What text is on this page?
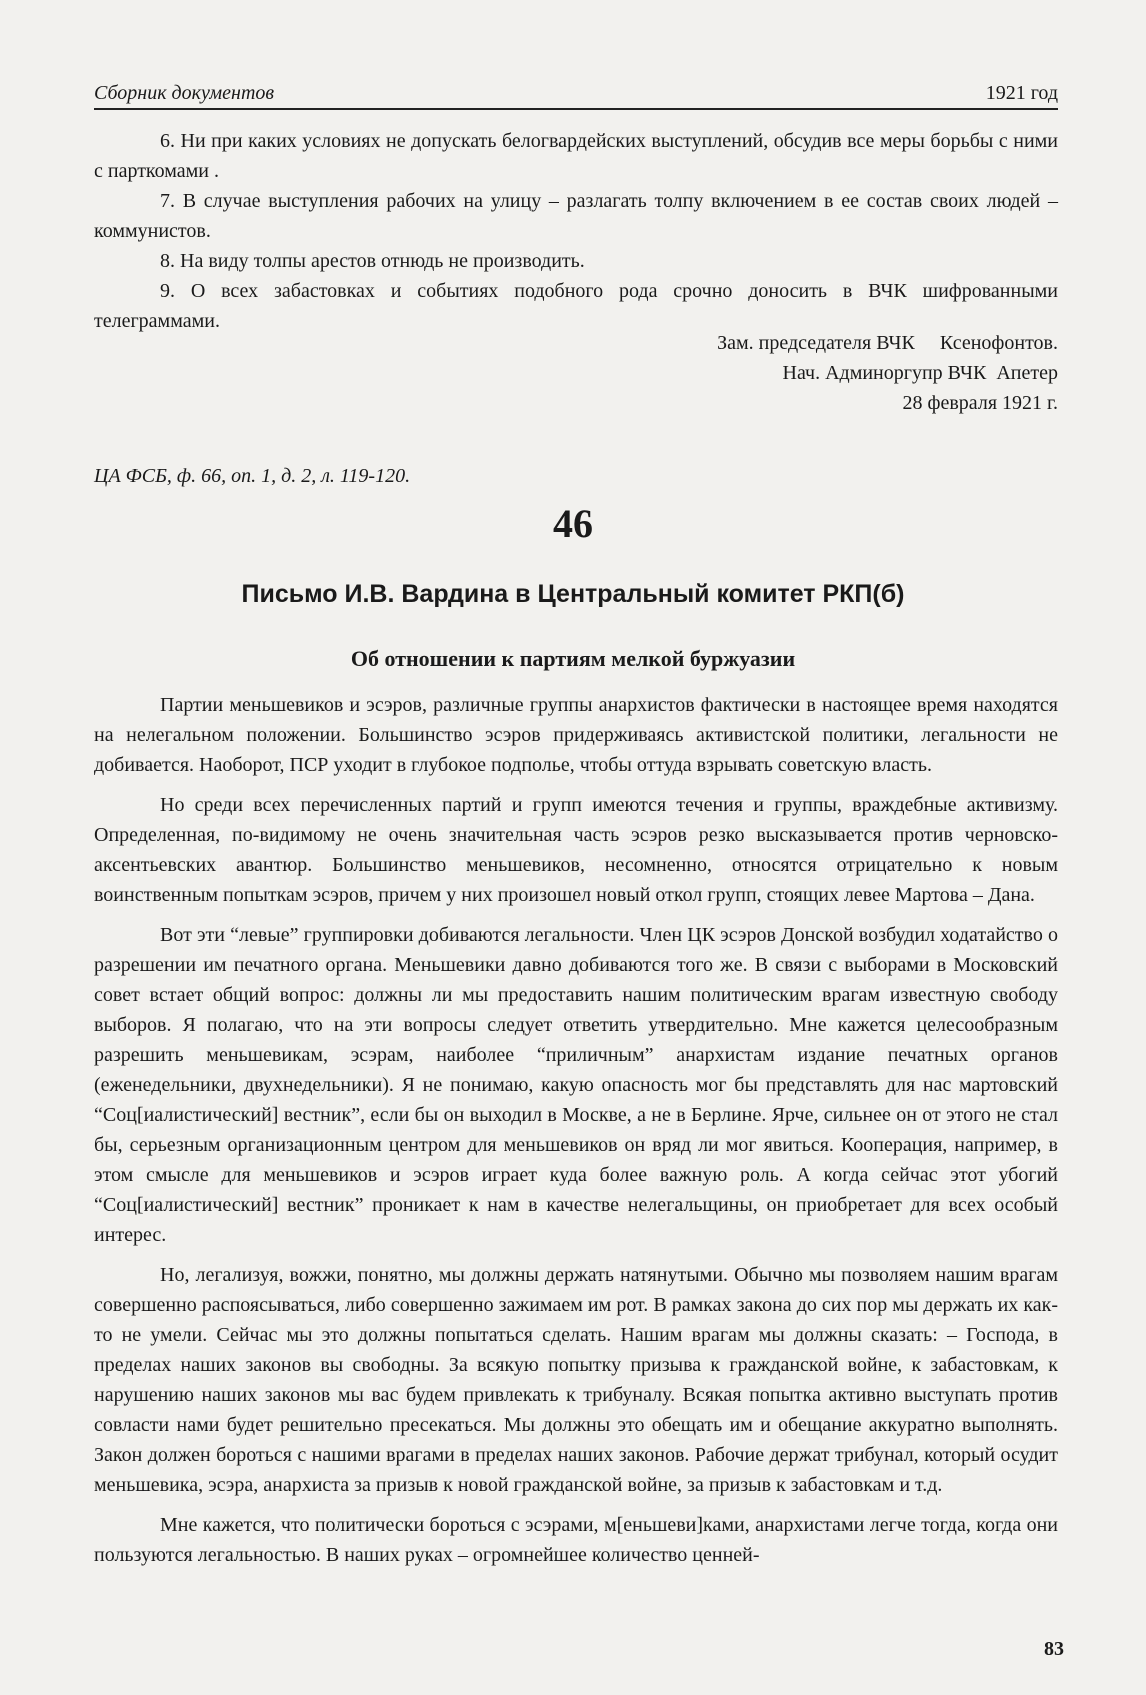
Сборник документов	1921 год

6. Ни при каких условиях не допускать белогвардейских выступлений, обсудив все меры борьбы с ними с парткомами .

7. В случае выступления рабочих на улицу – разлагать толпу включением в ее состав своих людей – коммунистов.

8. На виду толпы арестов отнюдь не производить.

9. О всех забастовках и событиях подобного рода срочно доносить в ВЧК шифрованными телеграммами.

Зам. председателя ВЧК     Ксенофонтов.
Нач. Админоргупр ВЧК  Апетер
28 февраля 1921 г.
ЦА ФСБ, ф. 66, оп. 1, д. 2, л. 119-120.
46
Письмо И.В. Вардина в Центральный комитет РКП(б)
Об отношении к партиям мелкой буржуазии

Партии меньшевиков и эсэров, различные группы анархистов фактически в настоящее время находятся на нелегальном положении. Большинство эсэров придерживаясь активистской политики, легальности не добивается. Наоборот, ПСР уходит в глубокое подполье, чтобы оттуда взрывать советскую власть.

Но среди всех перечисленных партий и групп имеются течения и группы, враждебные активизму. Определенная, по-видимому не очень значительная часть эсэров резко высказывается против черновско-аксентьевских авантюр. Большинство меньшевиков, несомненно, относятся отрицательно к новым воинственным попыткам эсэров, причем у них произошел новый откол групп, стоящих левее Мартова – Дана.

Вот эти “левые” группировки добиваются легальности. Член ЦК эсэров Донской возбудил ходатайство о разрешении им печатного органа. Меньшевики давно добиваются того же. В связи с выборами в Московский совет встает общий вопрос: должны ли мы предоставить нашим политическим врагам известную свободу выборов. Я полагаю, что на эти вопросы следует ответить утвердительно. Мне кажется целесообразным разрешить меньшевикам, эсэрам, наиболее “приличным” анархистам издание печатных органов (еженедельники, двухнедельники). Я не понимаю, какую опасность мог бы представлять для нас мартовский “Соц[иалистический] вестник”, если бы он выходил в Москве, а не в Берлине. Ярче, сильнее он от этого не стал бы, серьезным организационным центром для меньшевиков он вряд ли мог явиться. Кооперация, например, в этом смысле для меньшевиков и эсэров играет куда более важную роль. А когда сейчас этот убогий “Соц[иалистический] вестник” проникает к нам в качестве нелегальщины, он приобретает для всех особый интерес.

Но, легализуя, вожжи, понятно, мы должны держать натянутыми. Обычно мы позволяем нашим врагам совершенно распоясываться, либо совершенно зажимаем им рот. В рамках закона до сих пор мы держать их как-то не умели. Сейчас мы это должны попытаться сделать. Нашим врагам мы должны сказать: – Господа, в пределах наших законов вы свободны. За всякую попытку призыва к гражданской войне, к забастовкам, к нарушению наших законов мы вас будем привлекать к трибуналу. Всякая попытка активно выступать против совласти нами будет решительно пресекаться. Мы должны это обещать им и обещание аккуратно выполнять. Закон должен бороться с нашими врагами в пределах наших законов. Рабочие держат трибунал, который осудит меньшевика, эсэра, анархиста за призыв к новой гражданской войне, за призыв к забастовкам и т.д.

Мне кажется, что политически бороться с эсэрами, м[еньшеви]ками, анархистами легче тогда, когда они пользуются легальностью. В наших руках – огромнейшее количество ценней-

83
